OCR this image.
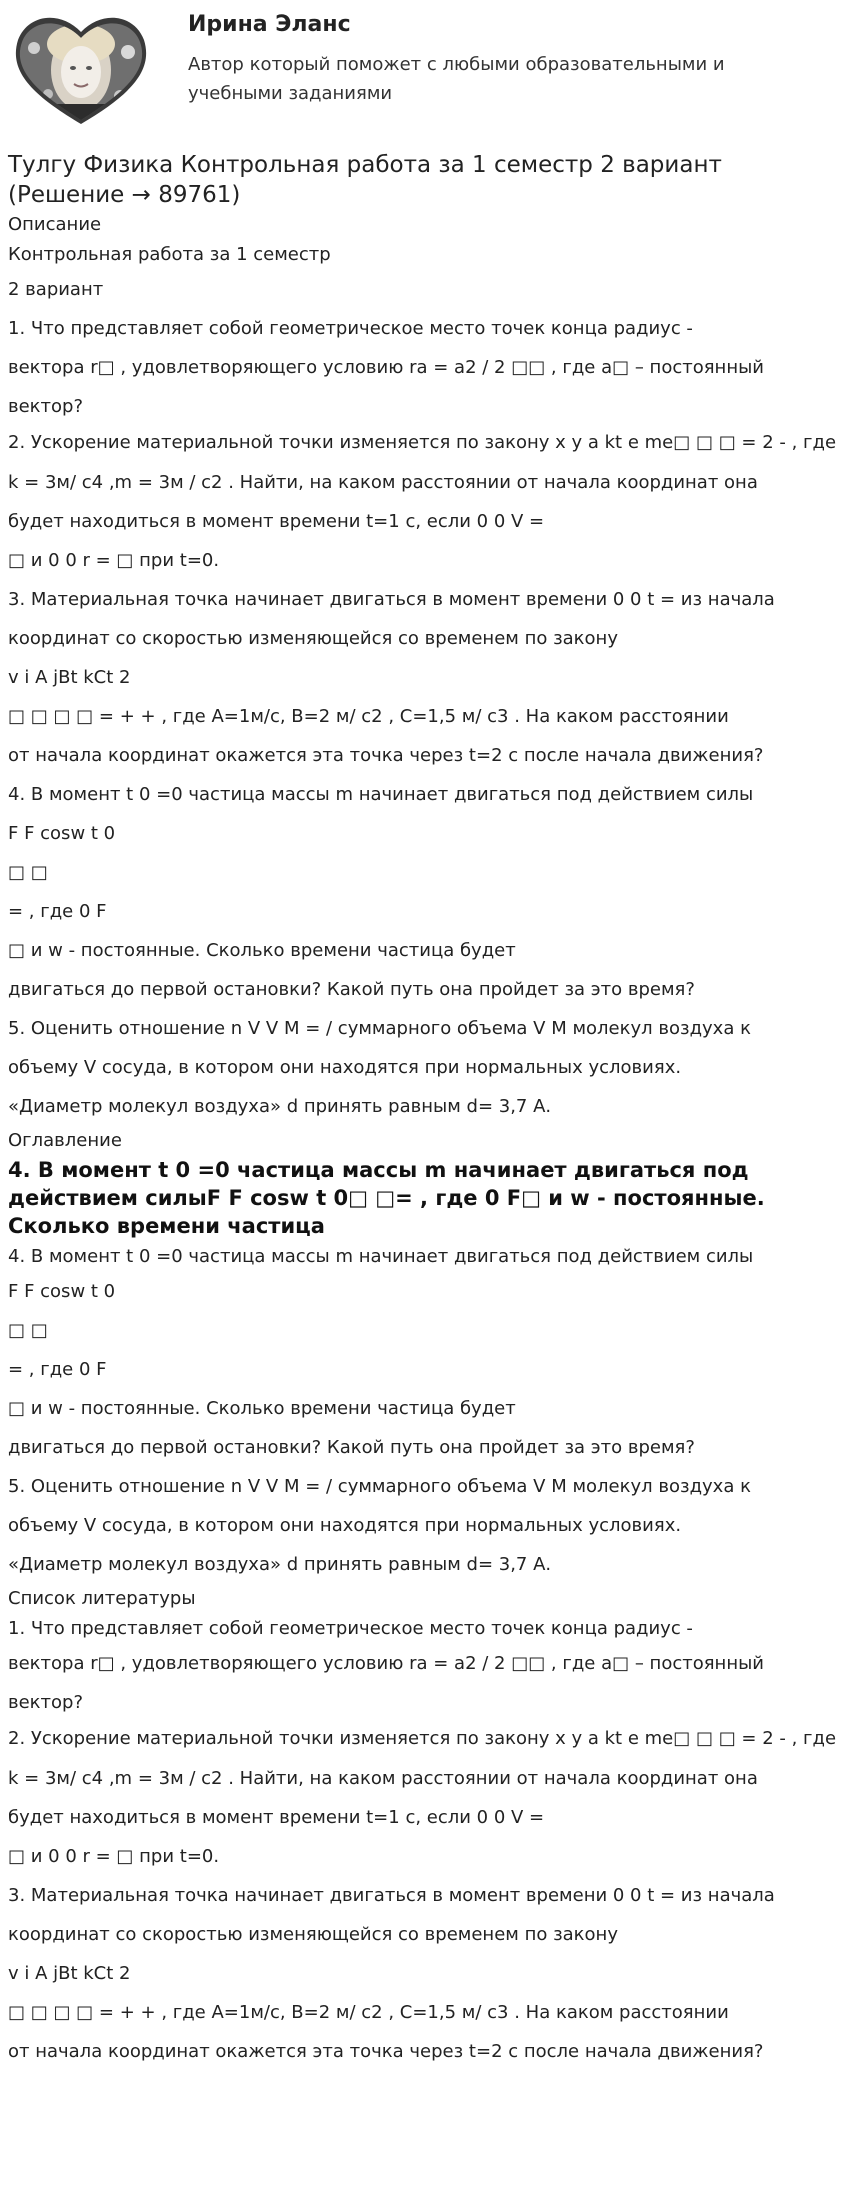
Ирина Эланс
Автор который поможет с любыми образовательными и учебными заданиями
Тулгу Физика Контрольная работа за 1 семестр 2 вариант (Решение → 89761)
Описание

Контрольная работа за 1 семестр

2 вариант

1. Что представляет собой геометрическое место точек конца радиус -

вектора r□ , удовлетворяющего условию ra = a2 / 2 □□ , где a□ – постоянный

вектор?

2. Ускорение материальной точки изменяется по закону x y a kt e me□ □ □ = 2 - , где

k = 3м/ c4 ,m = 3м / c2 . Найти, на каком расстоянии от начала координат она

будет находиться в момент времени t=1 с, если 0 0 V =

□ и 0 0 r = □ при t=0.

3. Материальная точка начинает двигаться в момент времени 0 0 t = из начала

координат со скоростью изменяющейся со временем по закону

v i A jBt kCt 2

□ □ □ □ = + + , где A=1м/с, B=2 м/ c2 , C=1,5 м/ c3 . На каком расстоянии

от начала координат окажется эта точка через t=2 с после начала движения?

4. В момент t 0 =0 частица массы m начинает двигаться под действием силы

F F cosw t 0

□ □

= , где 0 F

□ и w - постоянные. Сколько времени частица будет

двигаться до первой остановки? Какой путь она пройдет за это время?

5. Оценить отношение n V V M = / суммарного объема V M молекул воздуха к

объему V сосуда, в котором они находятся при нормальных условиях.

«Диаметр молекул воздуха» d принять равным d= 3,7 А.

Оглавление
4. В момент t 0 =0 частица массы m начинает двигаться под действием силыF F cosw t 0□ □= , где 0 F□ и w - постоянные. Сколько времени частица

4. В момент t 0 =0 частица массы m начинает двигаться под действием силы

F F cosw t 0

□ □

= , где 0 F

□ и w - постоянные. Сколько времени частица будет

двигаться до первой остановки? Какой путь она пройдет за это время?

5. Оценить отношение n V V M = / суммарного объема V M молекул воздуха к

объему V сосуда, в котором они находятся при нормальных условиях.

«Диаметр молекул воздуха» d принять равным d= 3,7 А.

Список литературы

1. Что представляет собой геометрическое место точек конца радиус -

вектора r□ , удовлетворяющего условию ra = a2 / 2 □□ , где a□ – постоянный

вектор?

2. Ускорение материальной точки изменяется по закону x y a kt e me□ □ □ = 2 - , где

k = 3м/ c4 ,m = 3м / c2 . Найти, на каком расстоянии от начала координат она

будет находиться в момент времени t=1 с, если 0 0 V =

□ и 0 0 r = □ при t=0.

3. Материальная точка начинает двигаться в момент времени 0 0 t = из начала

координат со скоростью изменяющейся со временем по закону

v i A jBt kCt 2

□ □ □ □ = + + , где A=1м/с, B=2 м/ c2 , C=1,5 м/ c3 . На каком расстоянии

от начала координат окажется эта точка через t=2 с после начала движения?
